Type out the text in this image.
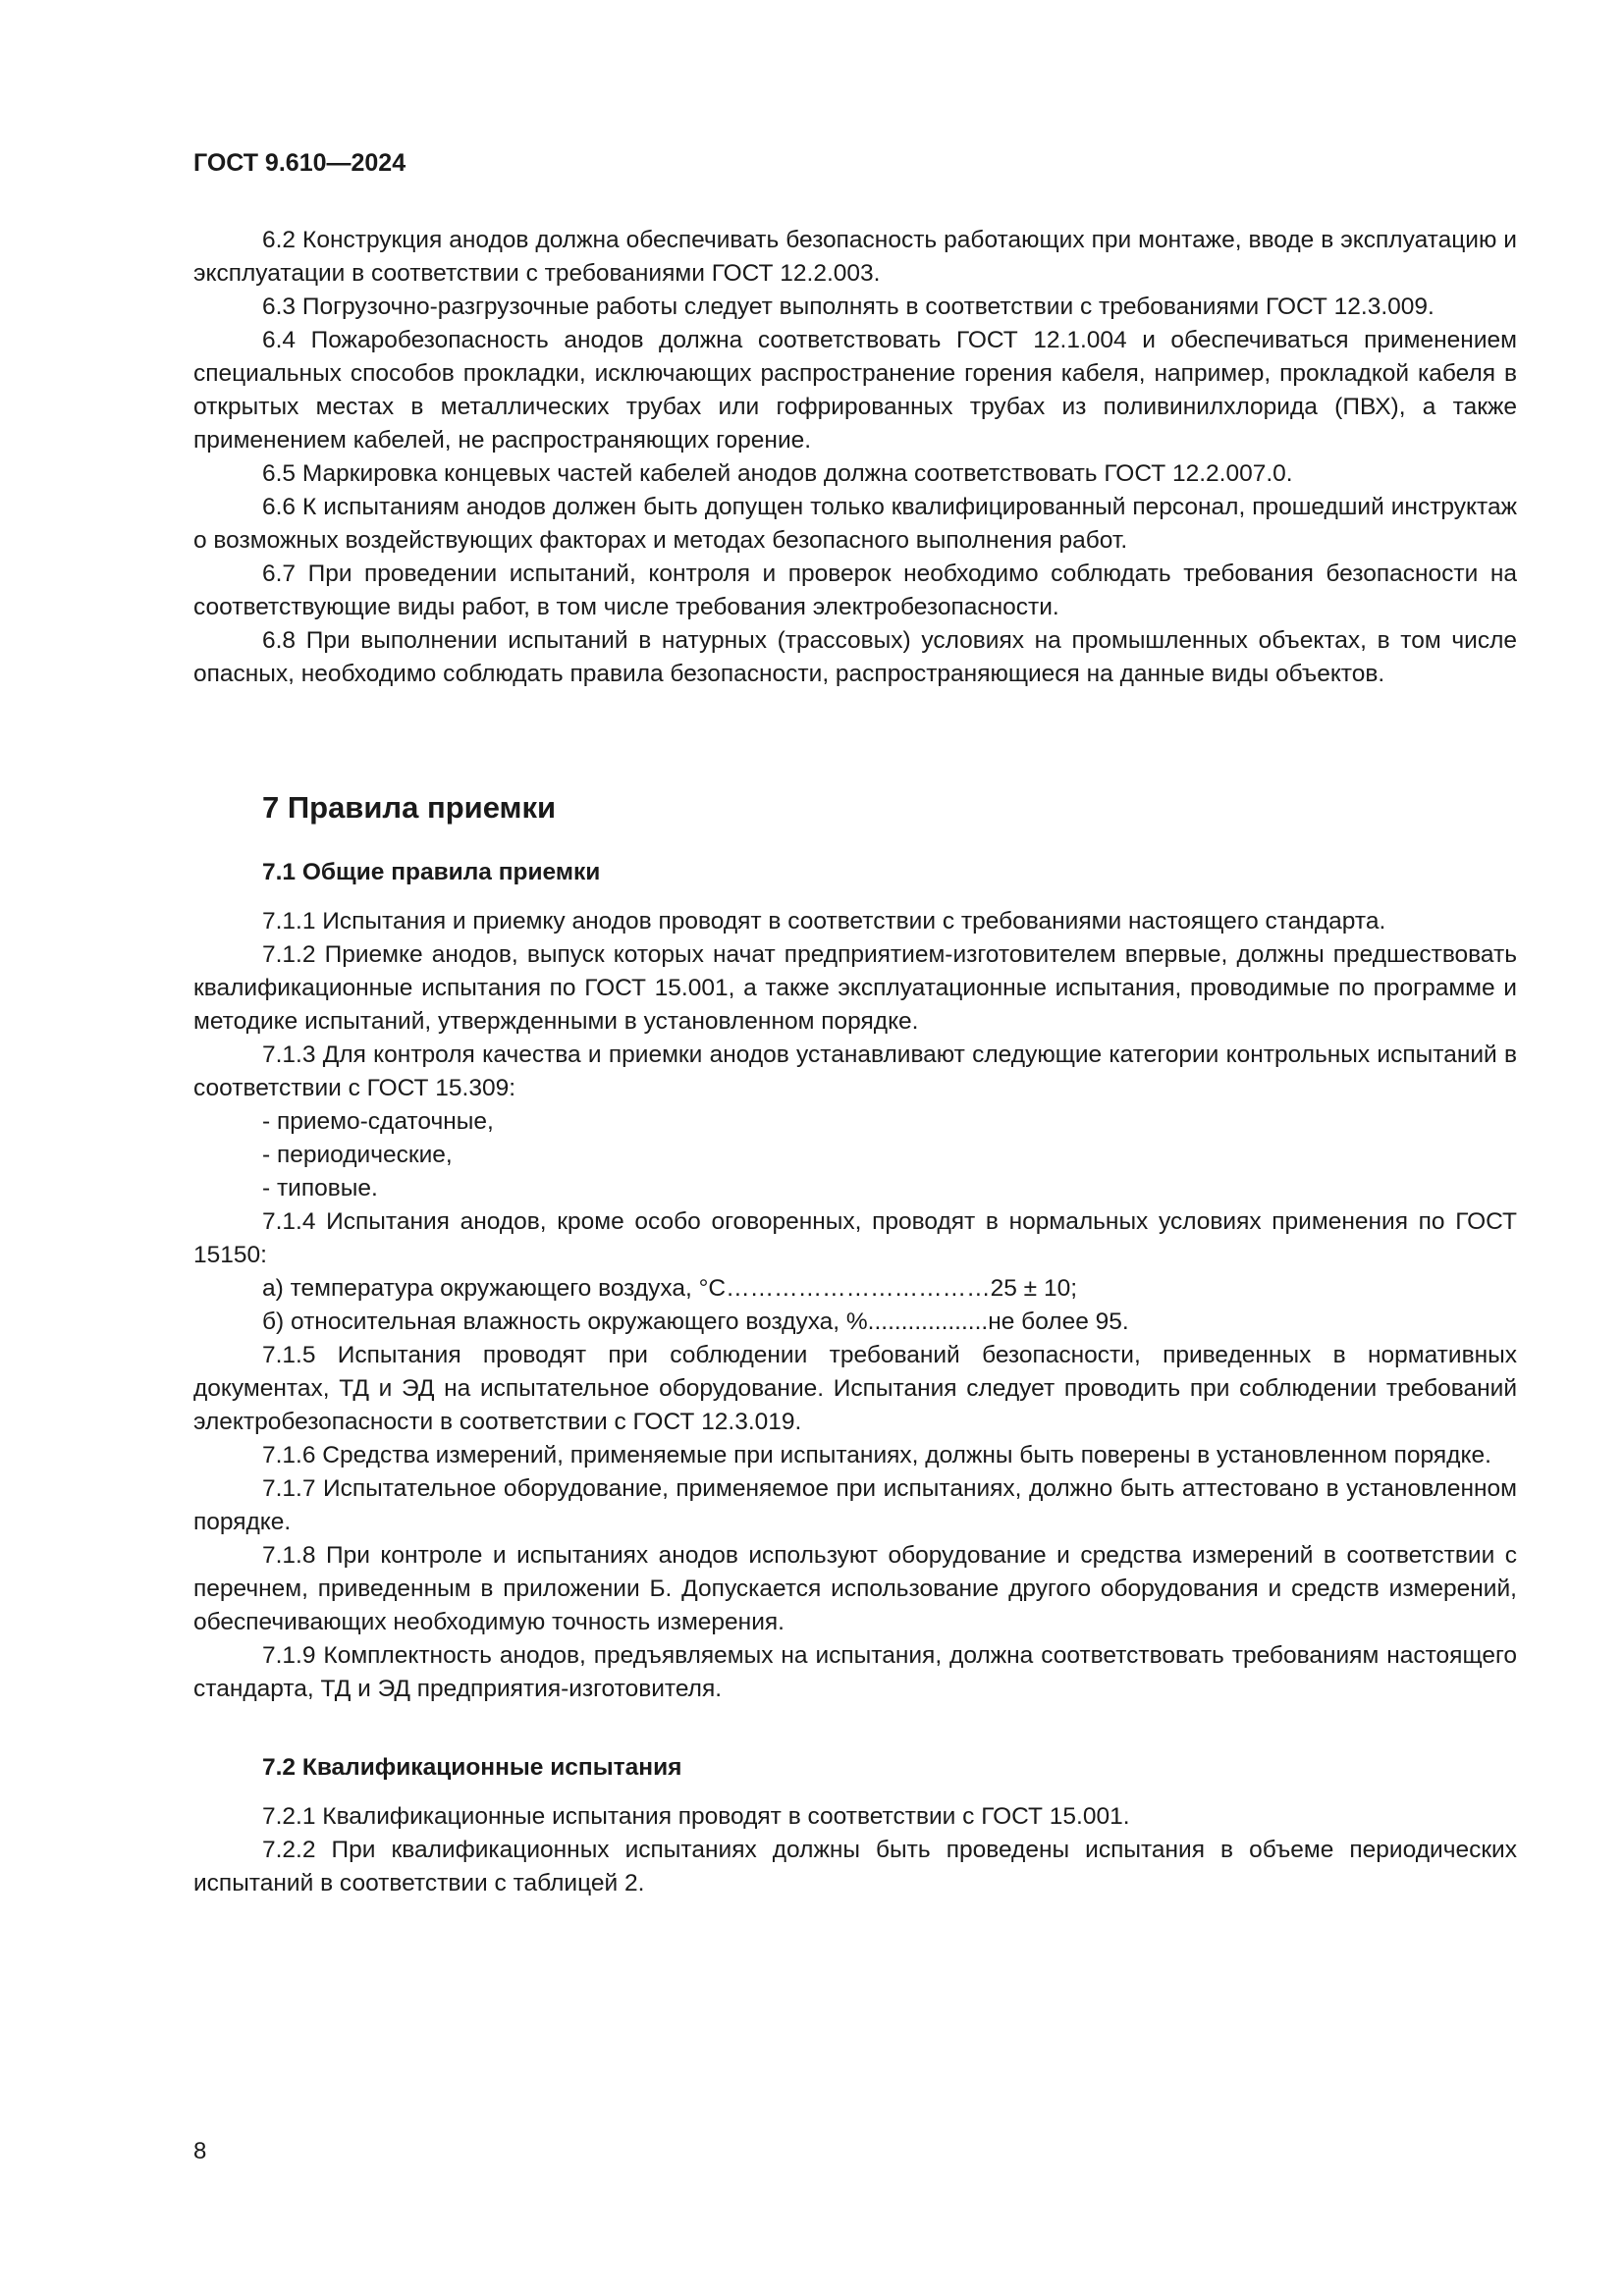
ГОСТ 9.610—2024

6.2 Конструкция анодов должна обеспечивать безопасность работающих при монтаже, вводе в эксплуатацию и эксплуатации в соответствии с требованиями ГОСТ 12.2.003.

6.3 Погрузочно-разгрузочные работы следует выполнять в соответствии с требованиями ГОСТ 12.3.009.

6.4 Пожаробезопасность анодов должна соответствовать ГОСТ 12.1.004 и обеспечиваться применением специальных способов прокладки, исключающих распространение горения кабеля, например, прокладкой кабеля в открытых местах в металлических трубах или гофрированных трубах из поливинилхлорида (ПВХ), а также применением кабелей, не распространяющих горение.

6.5 Маркировка концевых частей кабелей анодов должна соответствовать ГОСТ 12.2.007.0.

6.6 К испытаниям анодов должен быть допущен только квалифицированный персонал, прошедший инструктаж о возможных воздействующих факторах и методах безопасного выполнения работ.

6.7 При проведении испытаний, контроля и проверок необходимо соблюдать требования безопасности на соответствующие виды работ, в том числе требования электробезопасности.

6.8 При выполнении испытаний в натурных (трассовых) условиях на промышленных объектах, в том числе опасных, необходимо соблюдать правила безопасности, распространяющиеся на данные виды объектов.

7 Правила приемки
7.1 Общие правила приемки

7.1.1 Испытания и приемку анодов проводят в соответствии с требованиями настоящего стандарта.

7.1.2 Приемке анодов, выпуск которых начат предприятием-изготовителем впервые, должны предшествовать квалификационные испытания по ГОСТ 15.001, а также эксплуатационные испытания, проводимые по программе и методике испытаний, утвержденными в установленном порядке.

7.1.3 Для контроля качества и приемки анодов устанавливают следующие категории контрольных испытаний в соответствии с ГОСТ 15.309:

- приемо-сдаточные,

- периодические,

- типовые.

7.1.4 Испытания анодов, кроме особо оговоренных, проводят в нормальных условиях применения по ГОСТ 15150:

а) температура окружающего воздуха, °С……………………………25 ± 10;

б) относительная влажность окружающего воздуха, %..................не более 95.

7.1.5 Испытания проводят при соблюдении требований безопасности, приведенных в нормативных документах, ТД и ЭД на испытательное оборудование. Испытания следует проводить при соблюдении требований электробезопасности в соответствии с ГОСТ 12.3.019.

7.1.6 Средства измерений, применяемые при испытаниях, должны быть поверены в установленном порядке.

7.1.7 Испытательное оборудование, применяемое при испытаниях, должно быть аттестовано в установленном порядке.

7.1.8 При контроле и испытаниях анодов используют оборудование и средства измерений в соответствии с перечнем, приведенным в приложении Б. Допускается использование другого оборудования и средств измерений, обеспечивающих необходимую точность измерения.

7.1.9 Комплектность анодов, предъявляемых на испытания, должна соответствовать требованиям настоящего стандарта, ТД и ЭД предприятия-изготовителя.

7.2 Квалификационные испытания

7.2.1 Квалификационные испытания проводят в соответствии с ГОСТ 15.001.

7.2.2 При квалификационных испытаниях должны быть проведены испытания в объеме периодических испытаний в соответствии с таблицей 2.

8
